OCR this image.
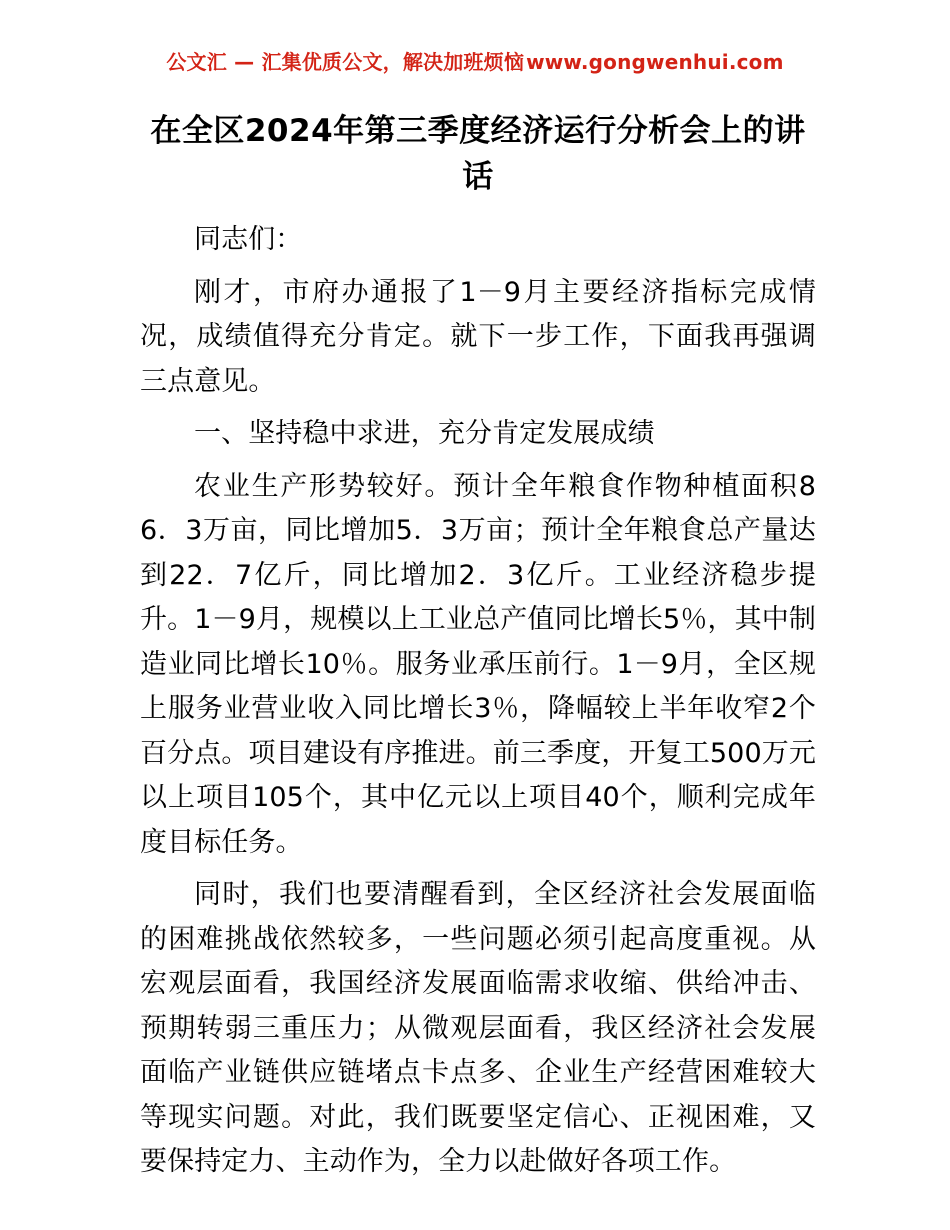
公文汇 — 汇集优质公文，解决加班烦恼 www.gongwenhui.com
在全区2024年第三季度经济运行分析会上的讲话

同志们：

刚才，市府办通报了1－9月主要经济指标完成情况，成绩值得充分肯定。就下一步工作，下面我再强调三点意见。

一、坚持稳中求进，充分肯定发展成绩

农业生产形势较好。预计全年粮食作物种植面积86．3万亩，同比增加5．3万亩；预计全年粮食总产量达到22．7亿斤，同比增加2．3亿斤。工业经济稳步提升。1－9月，规模以上工业总产值同比增长5％，其中制造业同比增长10％。服务业承压前行。1－9月，全区规上服务业营业收入同比增长3％，降幅较上半年收窄2个百分点。项目建设有序推进。前三季度，开复工500万元以上项目105个，其中亿元以上项目40个，顺利完成年度目标任务。

同时，我们也要清醒看到，全区经济社会发展面临的困难挑战依然较多，一些问题必须引起高度重视。从宏观层面看，我国经济发展面临需求收缩、供给冲击、预期转弱三重压力；从微观层面看，我区经济社会发展面临产业链供应链堵点卡点多、企业生产经营困难较大等现实问题。对此，我们既要坚定信心、正视困难，又要保持定力、主动作为，全力以赴做好各项工作。
